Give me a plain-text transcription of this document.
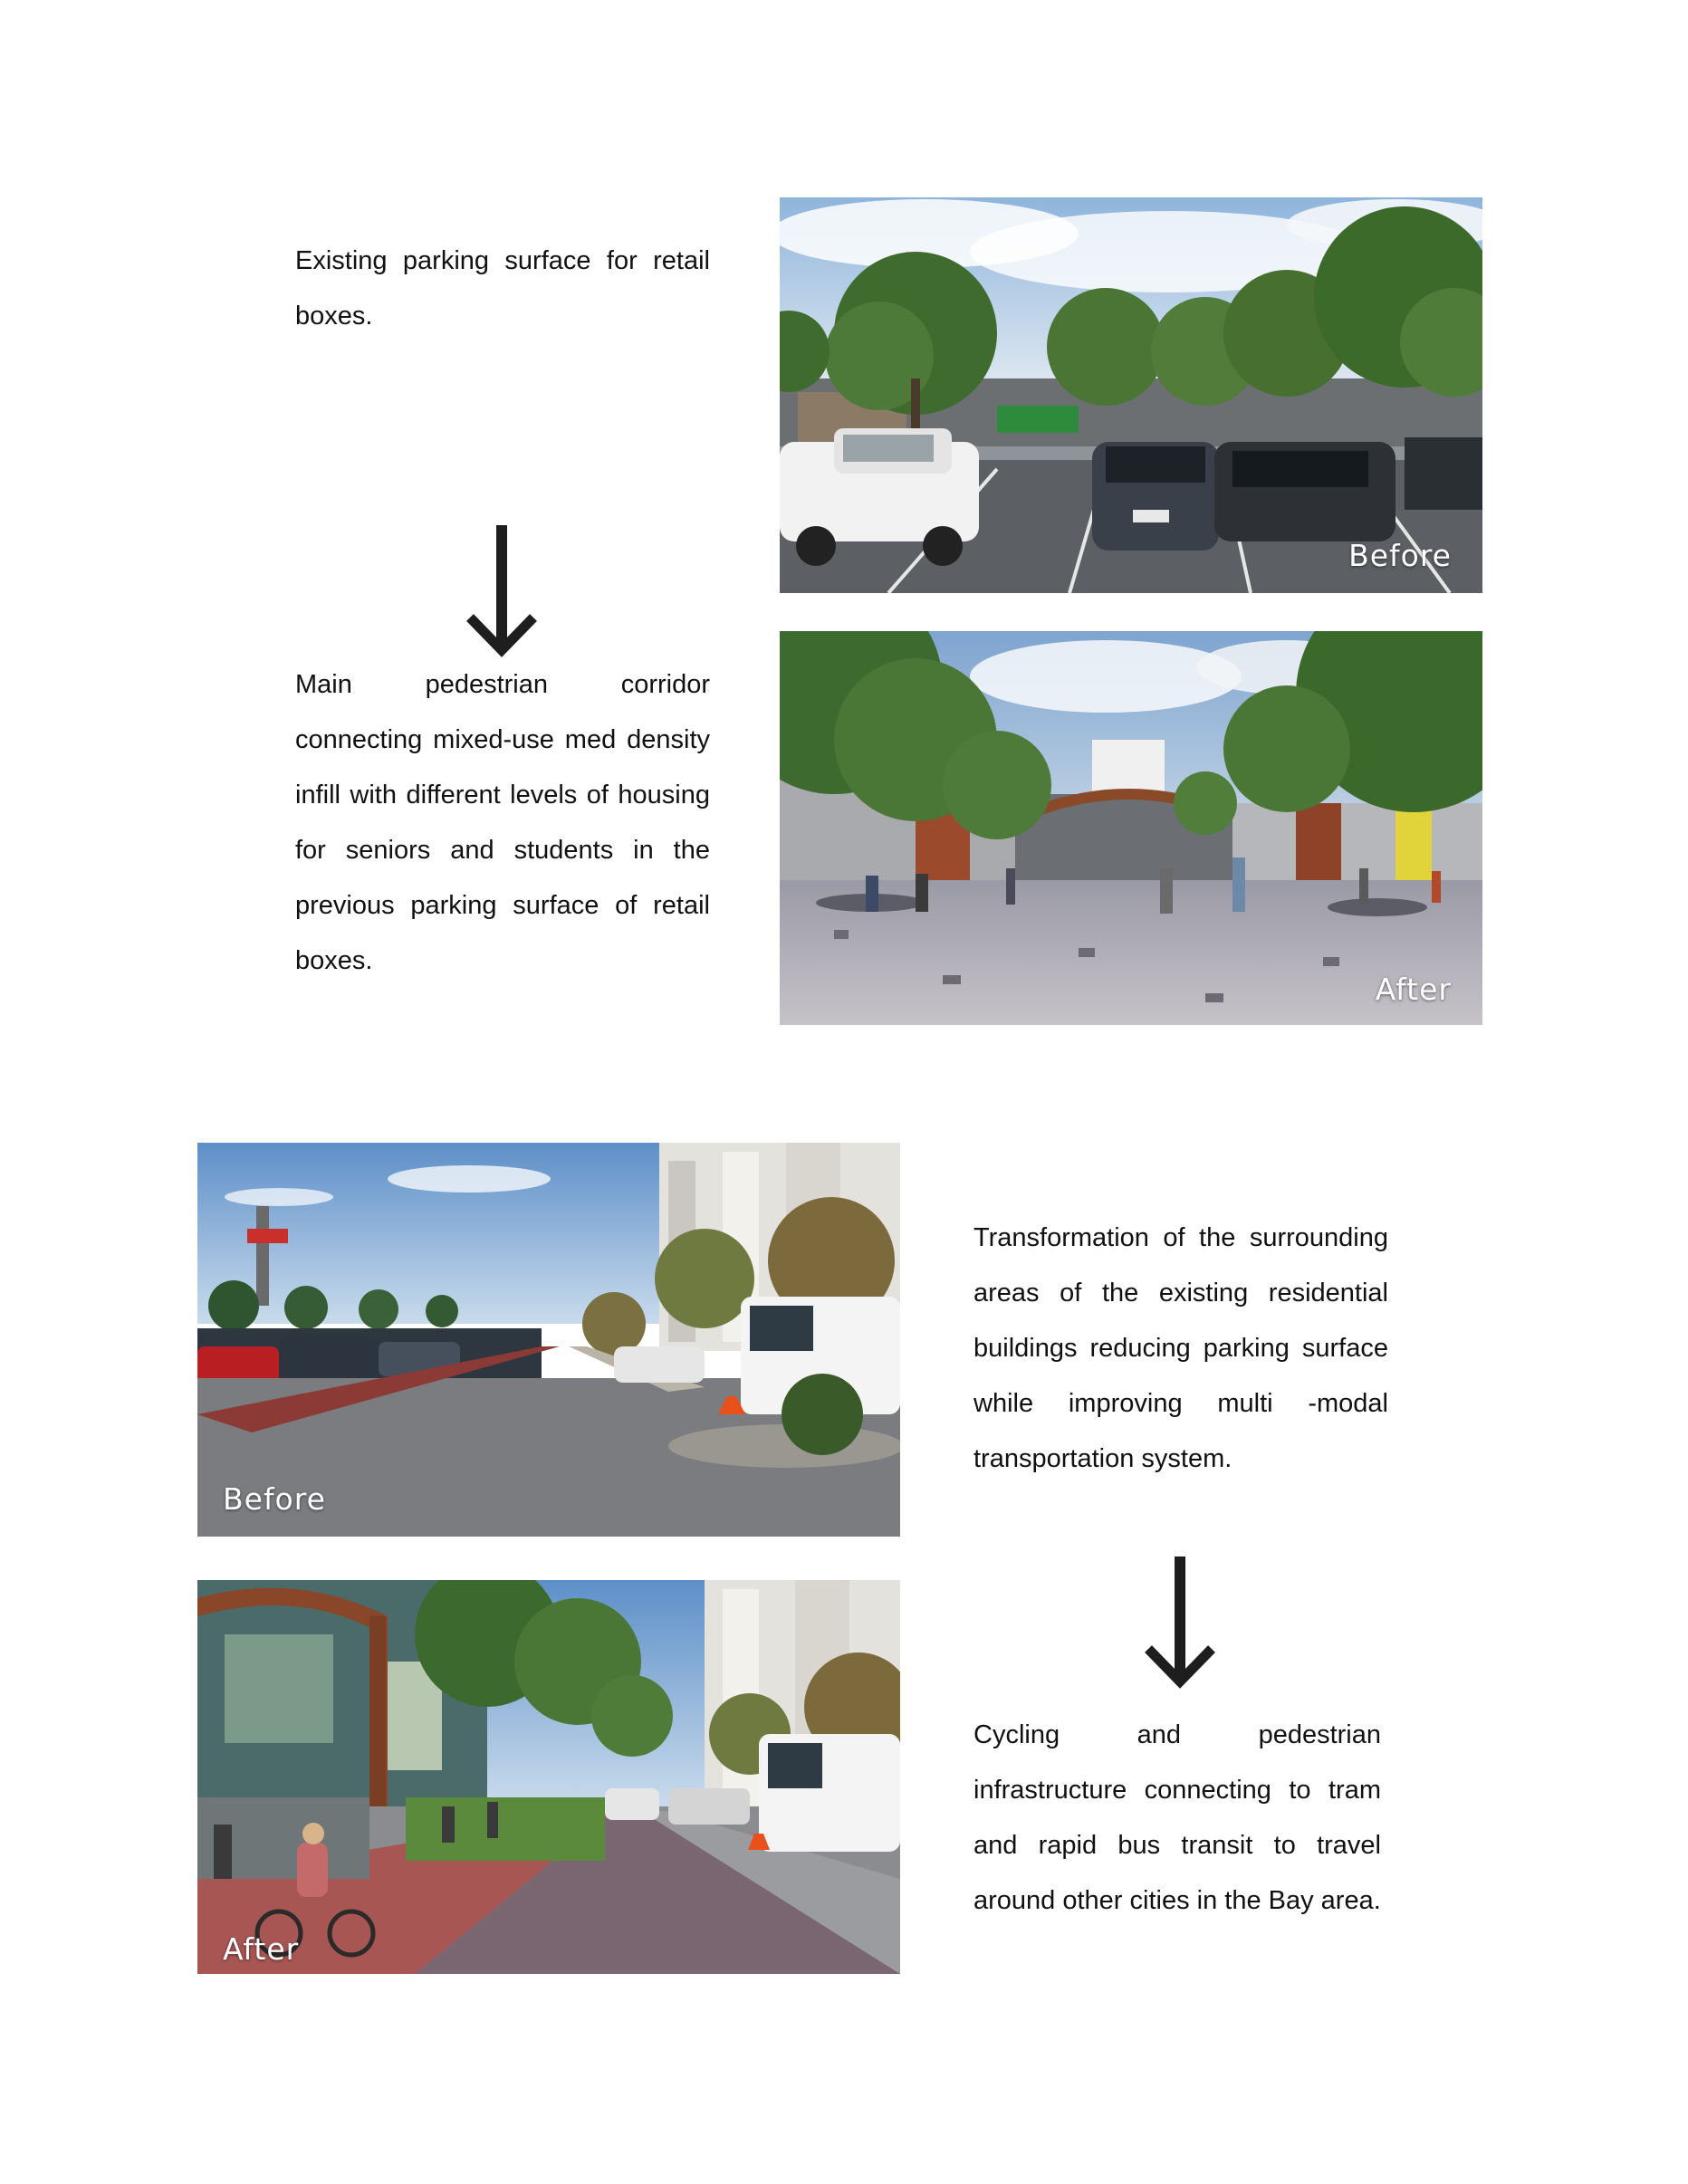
Existing parking surface for retail boxes.

Main pedestrian corridor connecting mixed-use med density infill with different levels of housing for seniors and students in the previous parking surface of retail boxes.

Before
After
Before
After

Transformation of the surrounding areas of the existing residential buildings reducing parking surface while improving multi -modal transportation system.

Cycling and pedestrian infrastructure connecting to tram and rapid bus transit to travel around other cities in the Bay area.
